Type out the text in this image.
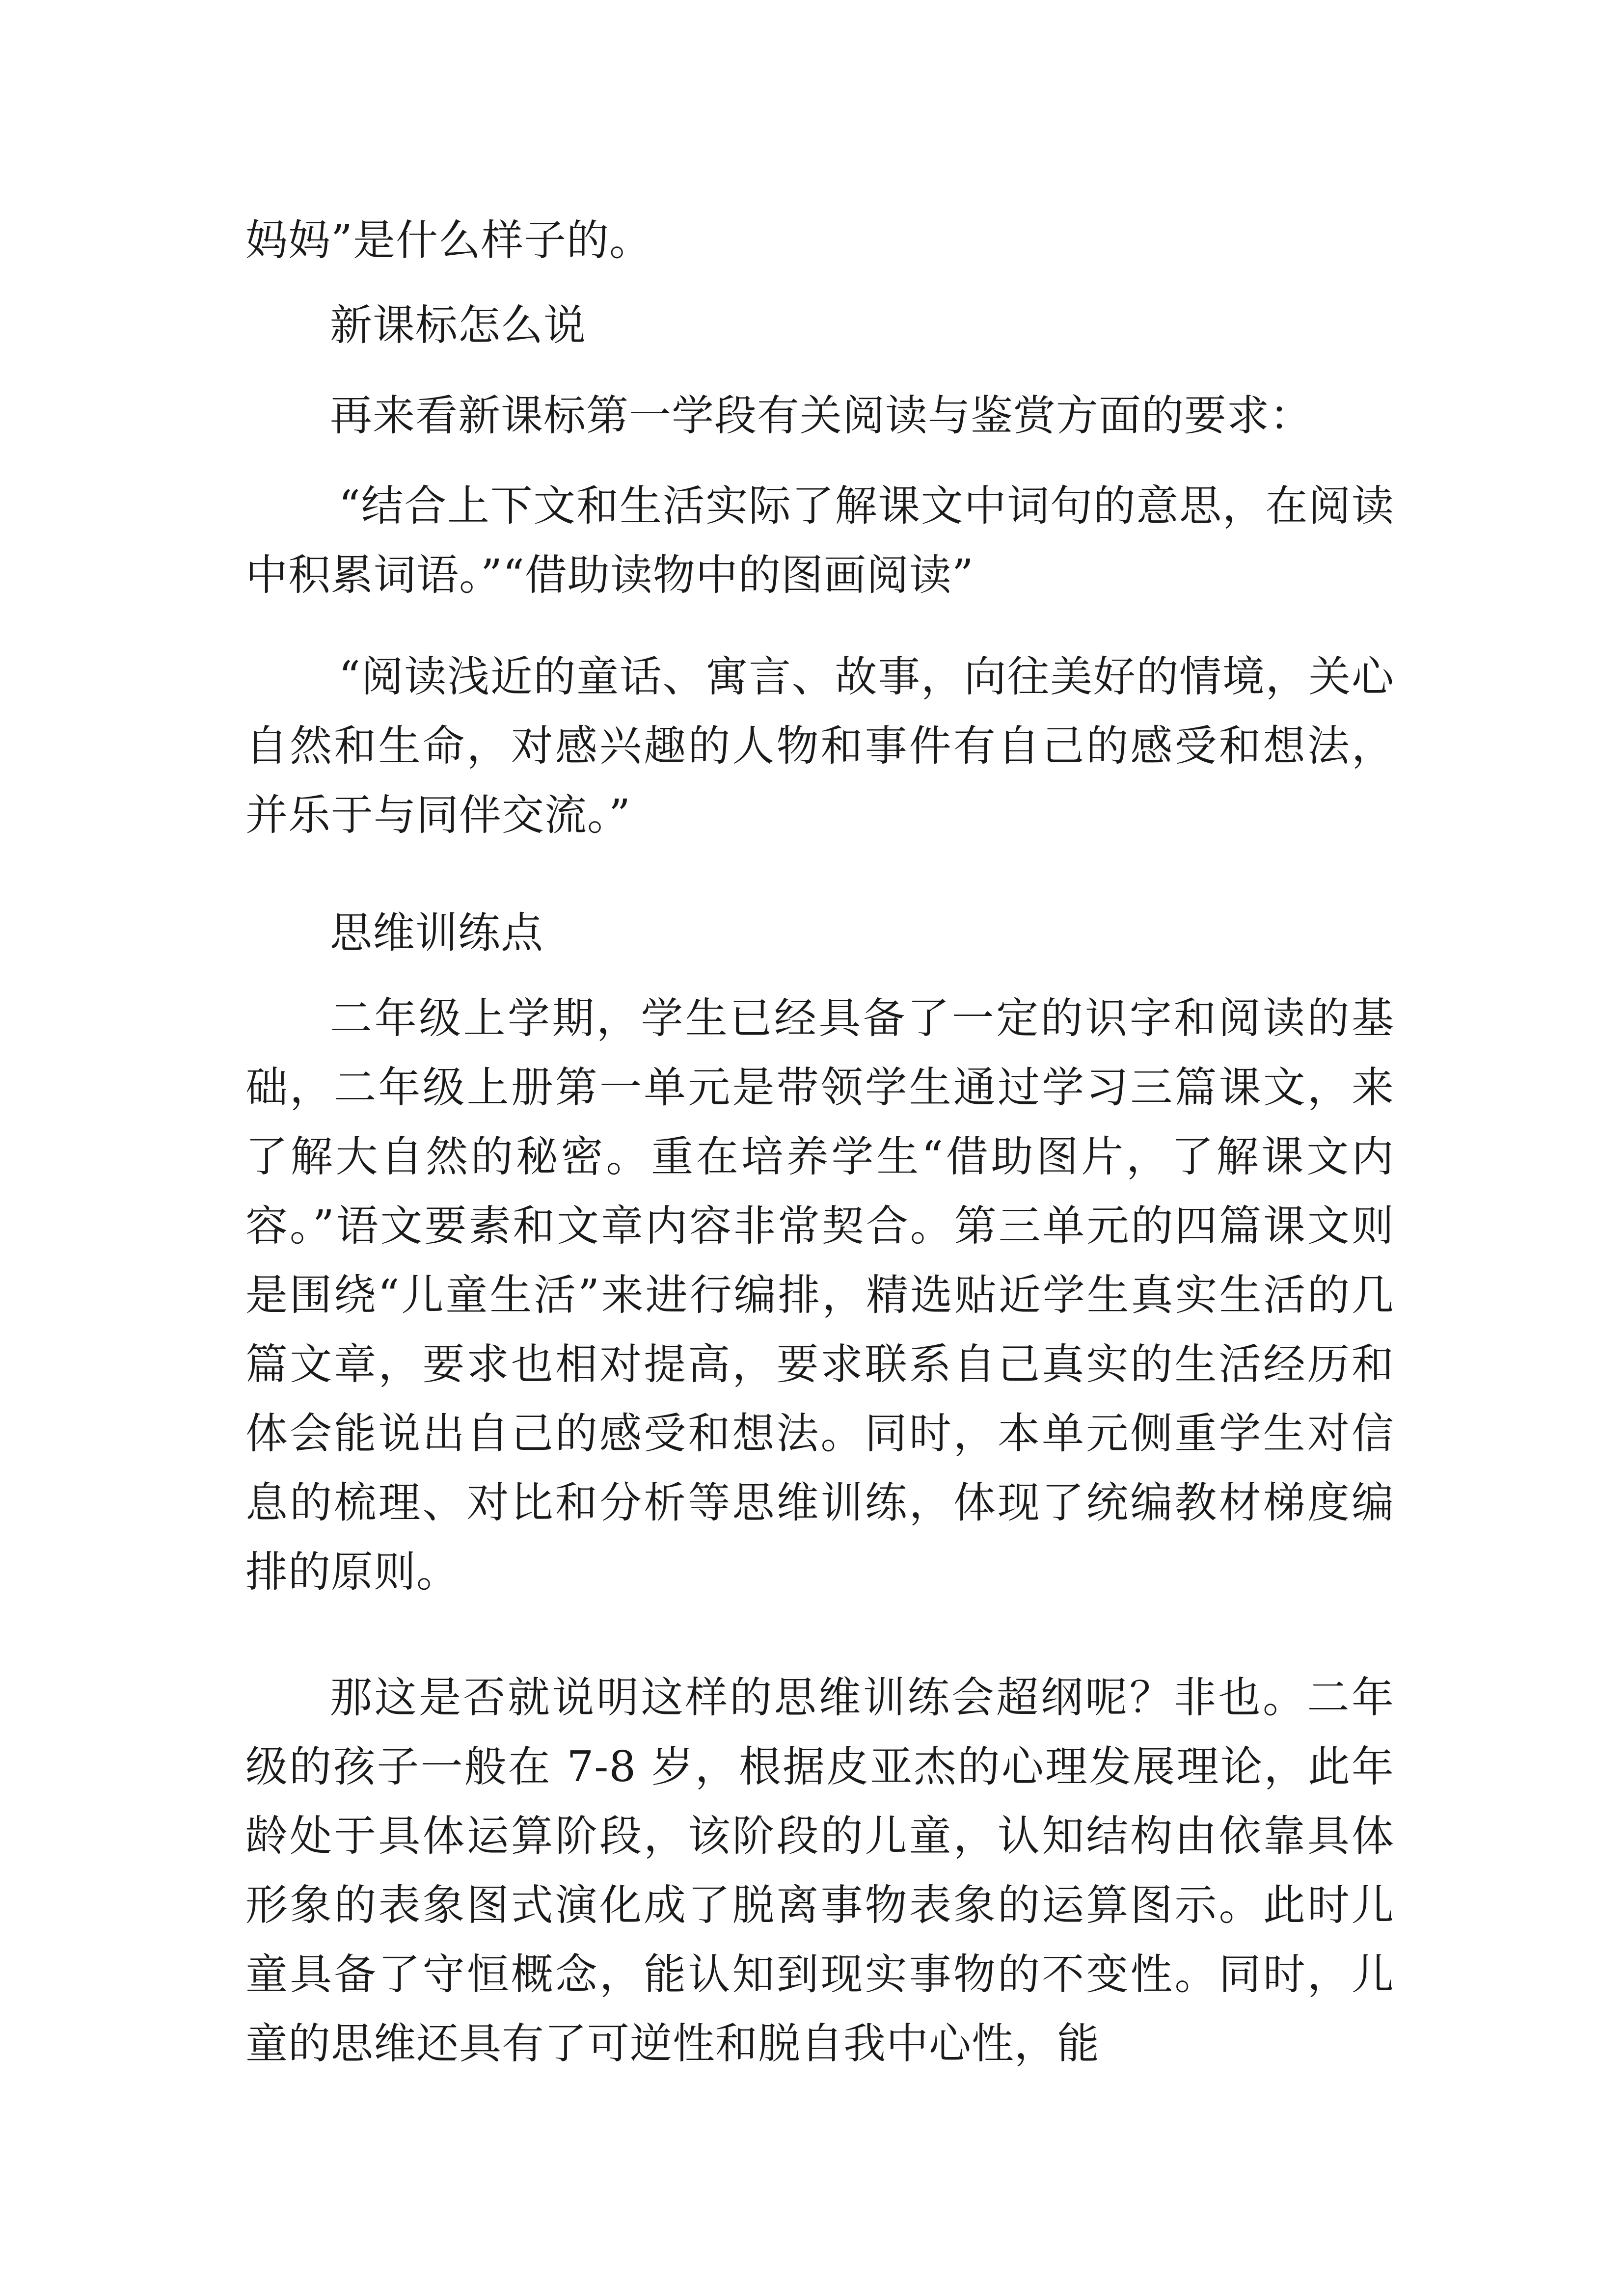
妈妈”是什么样子的。

新课标怎么说

再来看新课标第一学段有关阅读与鉴赏方面的要求：

“结合上下文和生活实际了解课文中词句的意思，在阅读中积累词语。”“借助读物中的图画阅读”

“阅读浅近的童话、寓言、故事，向往美好的情境，关心自然和生命，对感兴趣的人物和事件有自己的感受和想法，并乐于与同伴交流。”

思维训练点

二年级上学期，学生已经具备了一定的识字和阅读的基础，二年级上册第一单元是带领学生通过学习三篇课文，来了解大自然的秘密。重在培养学生“借助图片，了解课文内容。”语文要素和文章内容非常契合。第三单元的四篇课文则是围绕“儿童生活”来进行编排，精选贴近学生真实生活的几篇文章，要求也相对提高，要求联系自己真实的生活经历和体会能说出自己的感受和想法。同时，本单元侧重学生对信息的梳理、对比和分析等思维训练，体现了统编教材梯度编排的原则。

那这是否就说明这样的思维训练会超纲呢？非也。二年级的孩子一般在 7-8 岁，根据皮亚杰的心理发展理论，此年龄处于具体运算阶段，该阶段的儿童，认知结构由依靠具体形象的表象图式演化成了脱离事物表象的运算图示。此时儿童具备了守恒概念，能认知到现实事物的不变性。同时，儿童的思维还具有了可逆性和脱自我中心性，能
